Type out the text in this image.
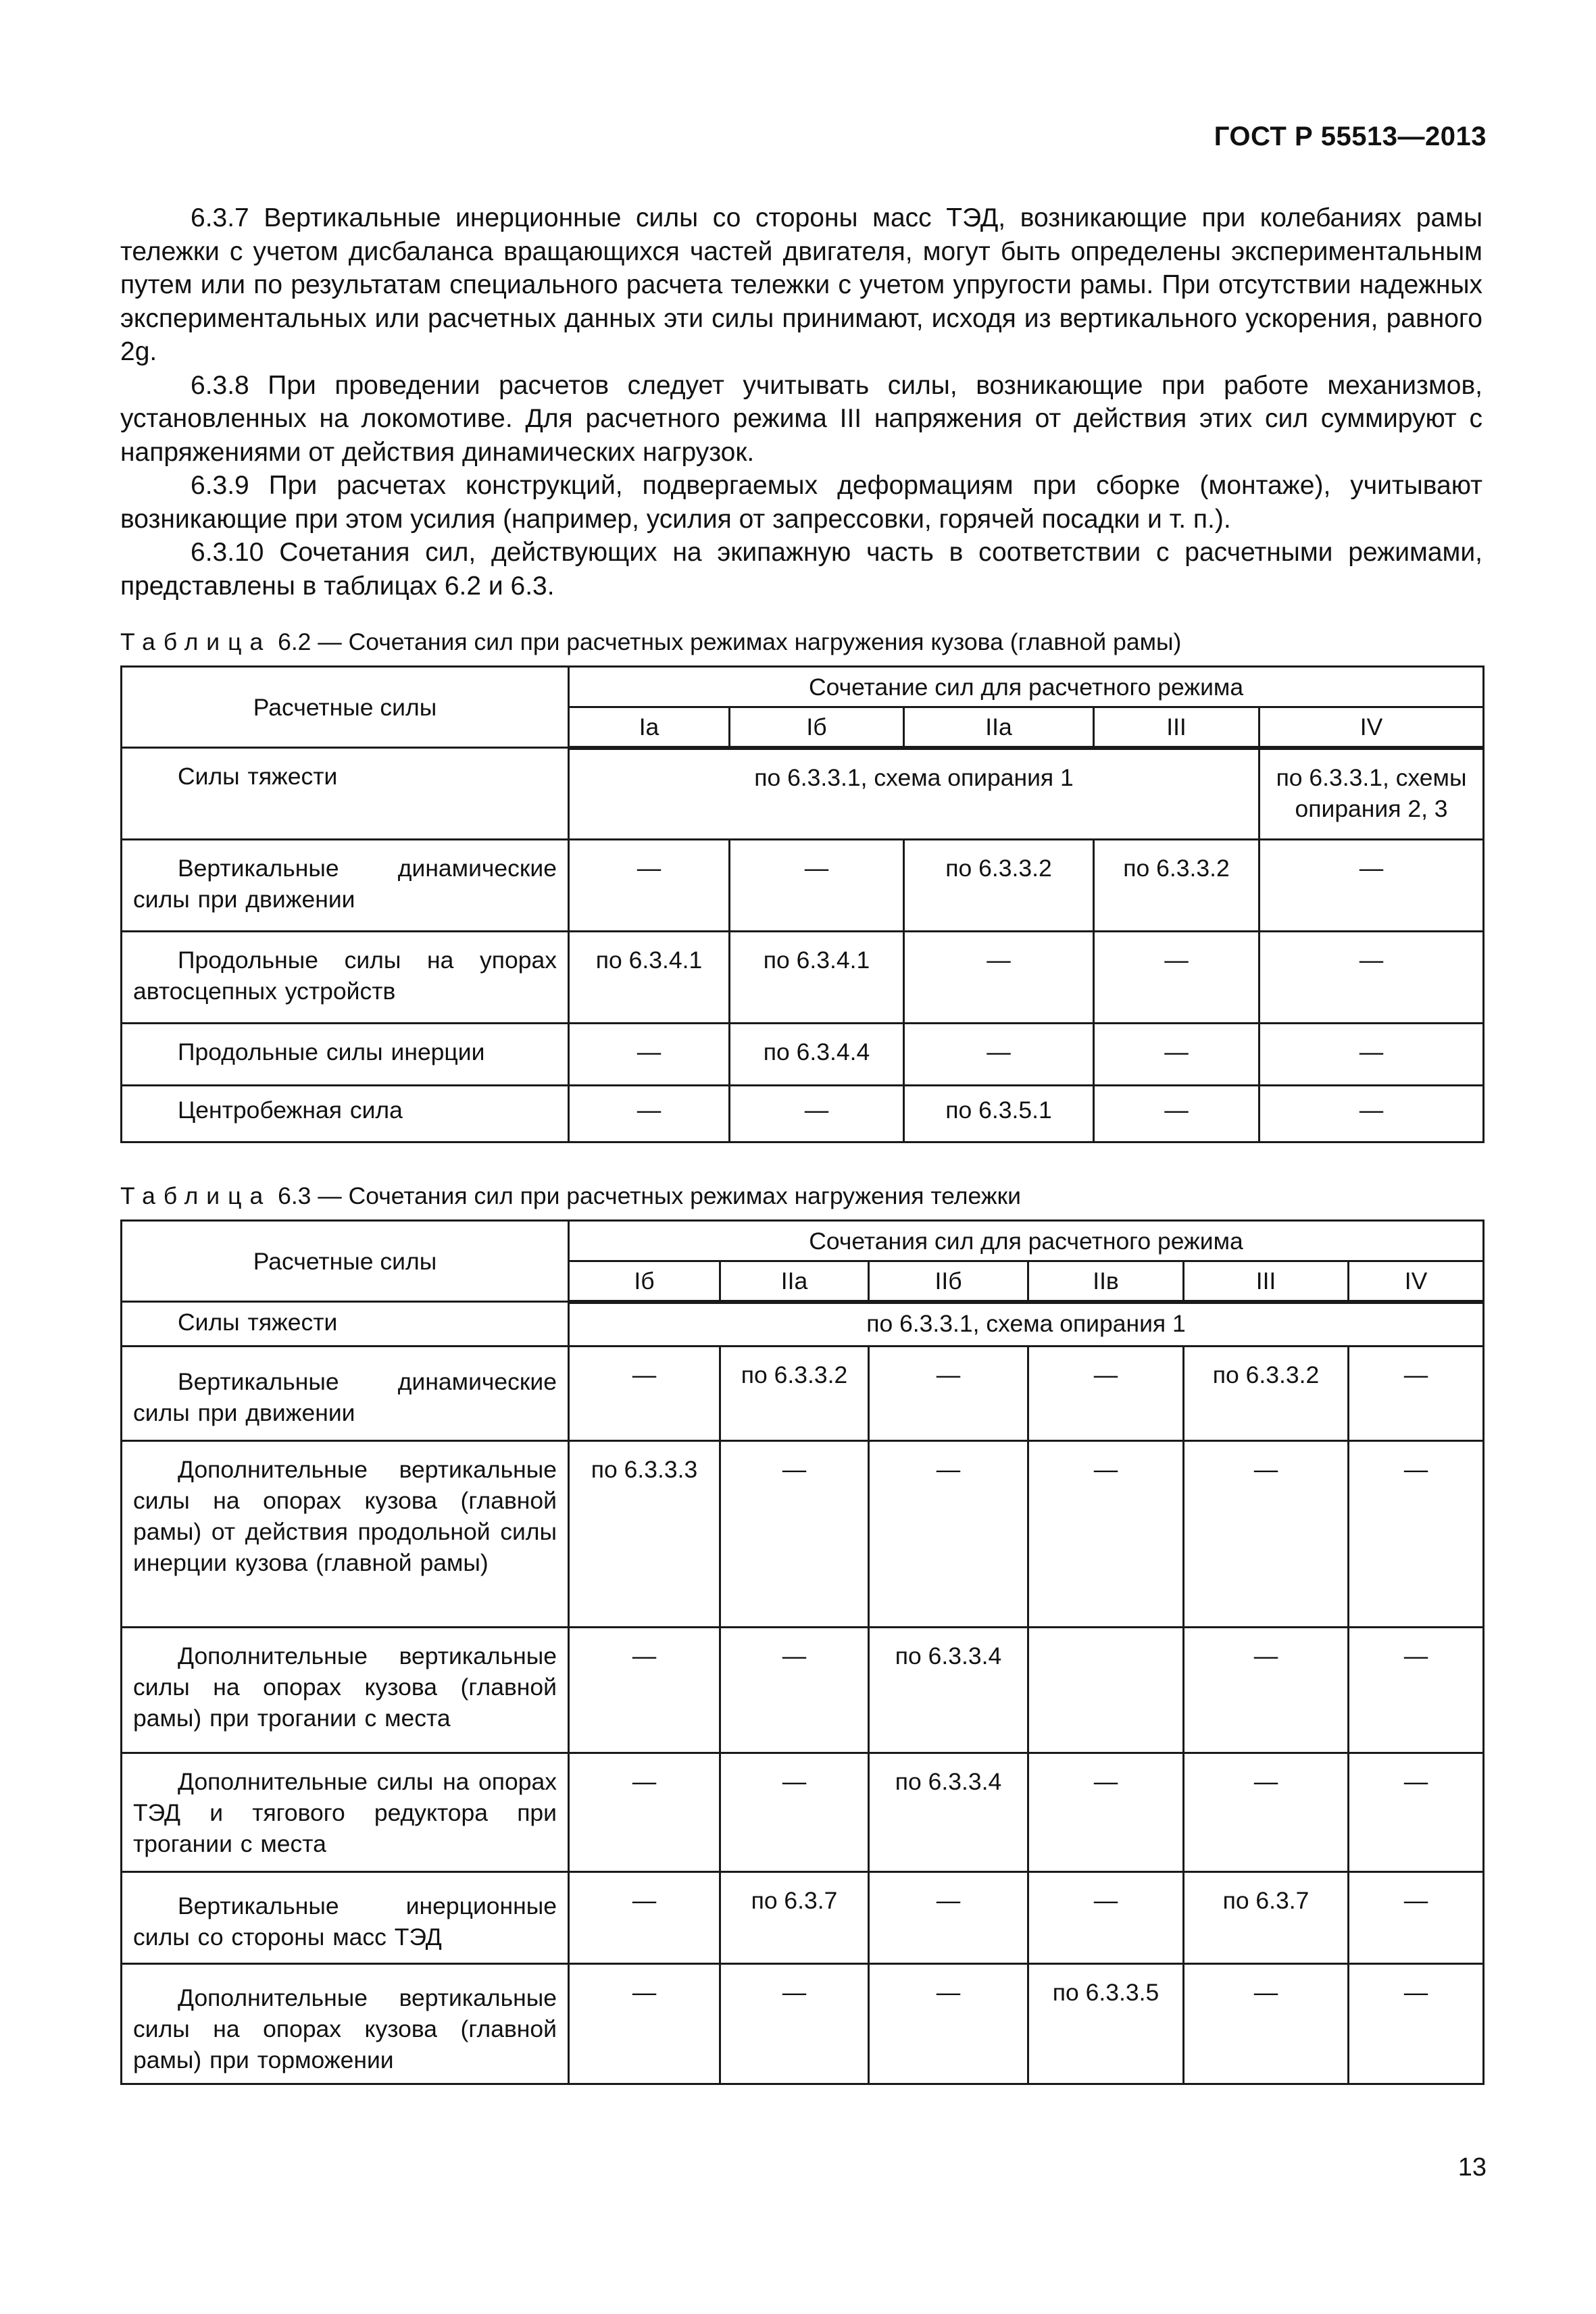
ГОСТ Р 55513—2013

6.3.7 Вертикальные инерционные силы со стороны масс ТЭД, возникающие при колебаниях рамы тележки с учетом дисбаланса вращающихся частей двигателя, могут быть определены экспериментальным путем или по результатам специального расчета тележки с учетом упругости рамы. При отсутствии надежных экспериментальных или расчетных данных эти силы принимают, исходя из вертикального ускорения, равного 2g.

6.3.8 При проведении расчетов следует учитывать силы, возникающие при работе механизмов, установленных на локомотиве. Для расчетного режима III напряжения от действия этих сил суммируют с напряжениями от действия динамических нагрузок.

6.3.9 При расчетах конструкций, подвергаемых деформациям при сборке (монтаже), учитывают возникающие при этом усилия (например, усилия от запрессовки, горячей посадки и т. п.).

6.3.10 Сочетания сил, действующих на экипажную часть в соответствии с расчетными режимами, представлены в таблицах 6.2 и 6.3.

Таблица 6.2 — Сочетания сил при расчетных режимах нагружения кузова (главной рамы)
Расчетные силы	Сочетание сил для расчетного режима				
	Iа	Iб	IIа	III	IV
Силы тяжести	по 6.3.3.1, схема опирания 1				по 6.3.3.1, схемы опирания 2, 3
Вертикальные динамические силы при движении	—	—	по 6.3.3.2	по 6.3.3.2	—
Продольные силы на упорах автосцепных устройств	по 6.3.4.1	по 6.3.4.1	—	—	—
Продольные силы инерции	—	по 6.3.4.4	—	—	—
Центробежная сила	—	—	по 6.3.5.1	—	—
Таблица 6.3 — Сочетания сил при расчетных режимах нагружения тележки
Расчетные силы	Сочетания сил для расчетного режима					
	Iб	IIа	IIб	IIв	III	IV
Силы тяжести	по 6.3.3.1, схема опирания 1					
Вертикальные динамические силы при движении	—	по 6.3.3.2	—	—	по 6.3.3.2	—
Дополнительные вертикальные силы на опорах кузова (главной рамы) от действия продольной силы инерции кузова (главной рамы)	по 6.3.3.3	—	—	—	—	—
Дополнительные вертикальные силы на опорах кузова (главной рамы) при трогании с места	—	—	по 6.3.3.4		—	—
Дополнительные силы на опорах ТЭД и тягового редуктора при трогании с места	—	—	по 6.3.3.4	—	—	—
Вертикальные инерционные силы со стороны масс ТЭД	—	по 6.3.7	—	—	по 6.3.7	—
Дополнительные вертикальные силы на опорах кузова (главной рамы) при торможении	—	—	—	по 6.3.3.5	—	—
13
